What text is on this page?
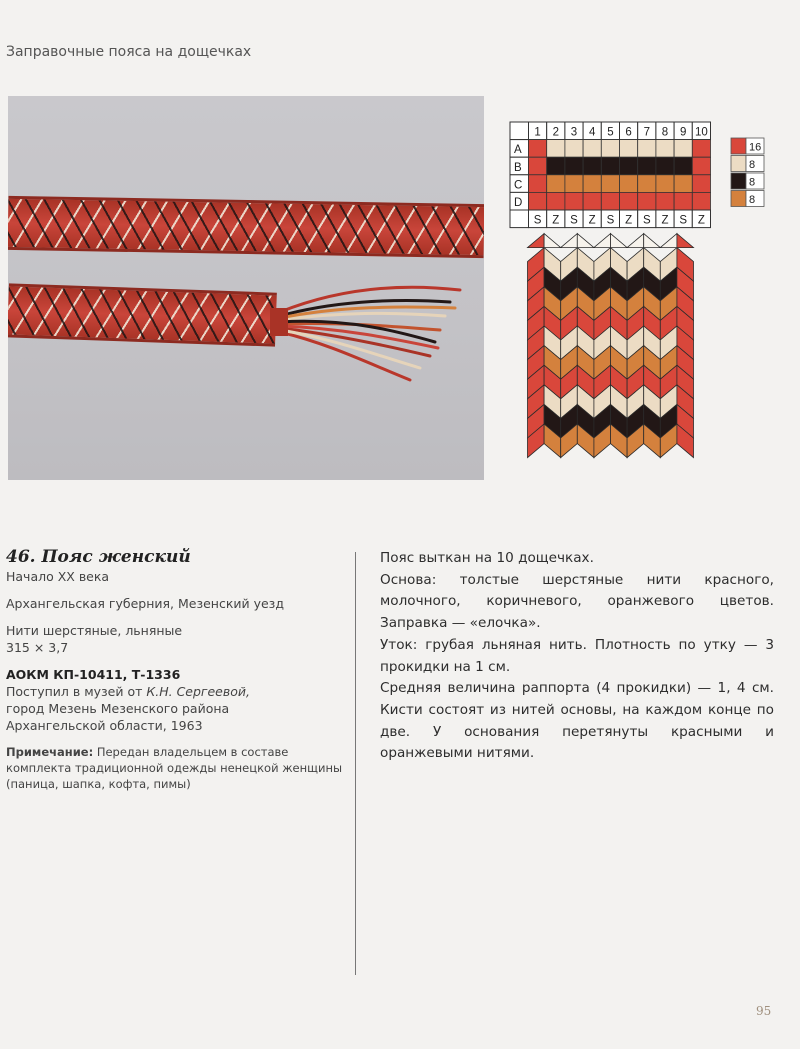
Заправочные пояса на дощечках
1 2 3 4 5 6 7 8 9 10
A
B
C
D
S Z S Z S Z S Z S Z
16
8
8
8
46. Пояс женский
Начало XX века
Архангельская губерния, Мезенский уезд
Нити шерстяные, льняные
315 × 3,7
АОКМ КП-10411, Т-1336
Поступил в музей от К.Н. Сергеевой,
город Мезень Мезенского района
Архангельской области, 1963
Примечание: Передан владельцем в составе комплекта традиционной одежды ненецкой женщины (паница, шапка, кофта, пимы)

Пояс выткан на 10 дощечках.

Основа: толстые шерстяные нити красного, молочного, коричневого, оранжевого цветов. Заправка — «елочка».

Уток: грубая льняная нить. Плотность по утку — 3 прокидки на 1 см.

Средняя величина раппорта (4 прокидки) — 1, 4 см. Кисти состоят из нитей основы, на каждом конце по две. У основания перетянуты красными и оранжевыми нитями.

95
